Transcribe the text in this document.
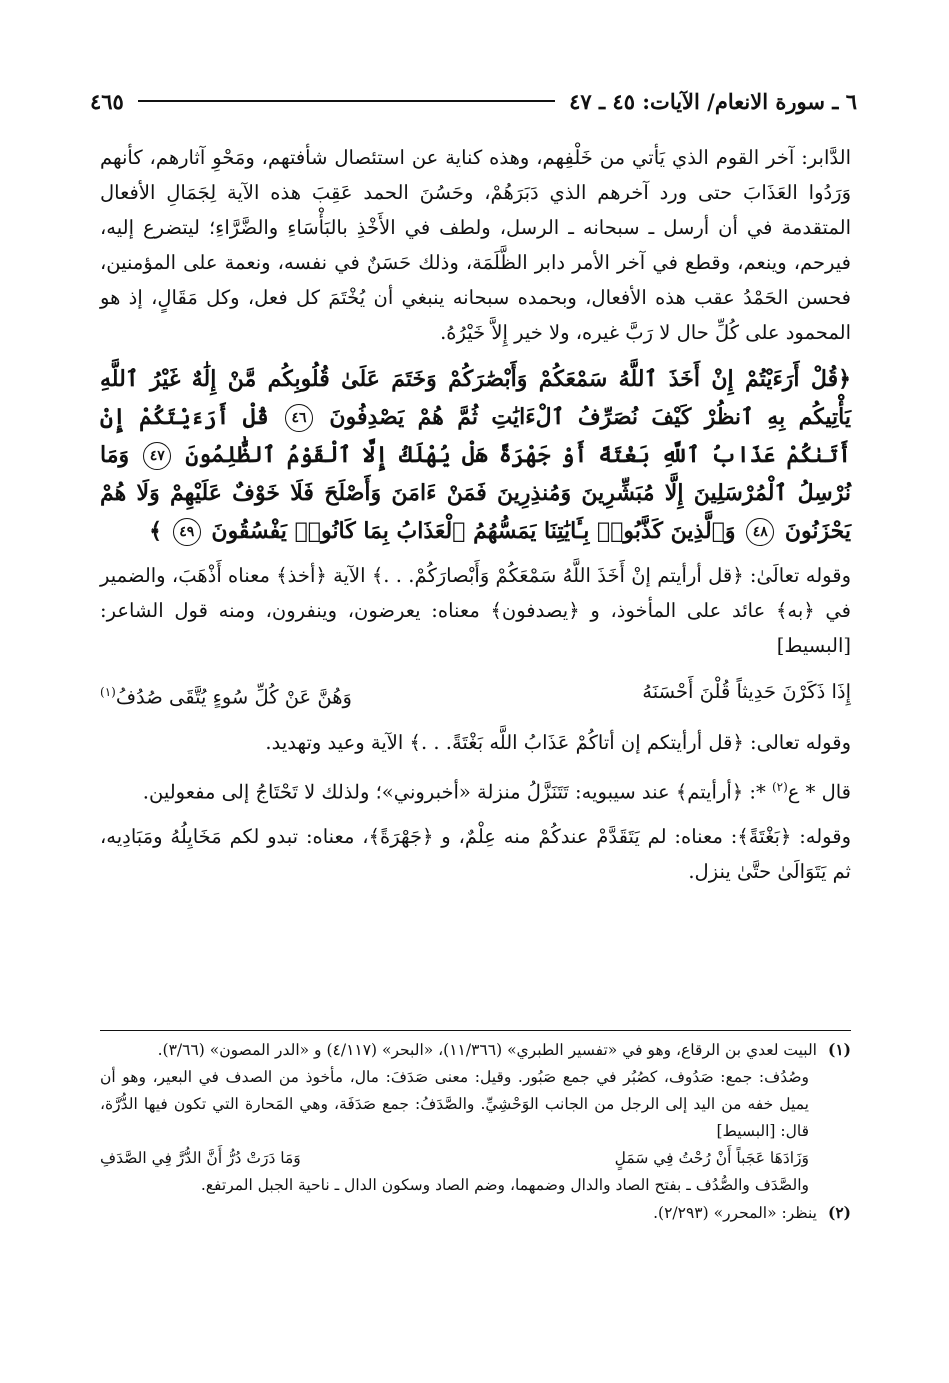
٦ ـ سورة الانعام/ الآيات: ٤٥ ـ ٤٧
٤٦٥

الدَّابر: آخر القوم الذي يَأتي من خَلْفِهم، وهذه كناية عن استئصال شأفتهم، ومَحْوِ آثارهم، كأنهم وَرَدُوا العَذَابَ حتى ورد آخرهم الذي دَبَرَهُمْ، وحَسُنَ الحمد عَقِبَ هذه الآية لِجَمَالِ الأفعال المتقدمة في أن أرسل ـ سبحانه ـ الرسل، ولطف في الأَخْذِ بالبَأْسَاءِ والضَّرَّاءِ؛ ليتضرع إليه، فيرحم، وينعم، وقطع في آخر الأمر دابر الظَّلَمَة، وذلك حَسَنٌ في نفسه، ونعمة على المؤمنين، فحسن الحَمْدُ عقب هذه الأفعال، وبحمده سبحانه ينبغي أن يُخْتَمَ كل فعل، وكل مَقَالٍ، إذ هو المحمود على كُلِّ حال لا رَبَّ غيره، ولا خير إِلاَّ خَيْرُهُ.

﴿قُلْ أَرَءَيْتُمْ إِنْ أَخَذَ ٱللَّهُ سَمْعَكُمْ وَأَبْصَٰرَكُمْ وَخَتَمَ عَلَىٰ قُلُوبِكُم مَّنْ إِلَٰهٌ غَيْرُ ٱللَّهِ يَأْتِيكُم بِهِ ٱنظُرْ كَيْفَ نُصَرِّفُ ٱلْءَايَٰتِ ثُمَّ هُمْ يَصْدِفُونَ ٤٦ قُلْ أَرَءَيْتَكُمْ إِنْ أَتَىٰكُمْ عَذَابُ ٱللَّهِ بَغْتَةً أَوْ جَهْرَةً هَلْ يُهْلَكُ إِلَّا ٱلْقَوْمُ ٱلظَّٰلِمُونَ ٤٧ وَمَا نُرْسِلُ ٱلْمُرْسَلِينَ إِلَّا مُبَشِّرِينَ وَمُنذِرِينَ فَمَنْ ءَامَنَ وَأَصْلَحَ فَلَا خَوْفٌ عَلَيْهِمْ وَلَا هُمْ يَحْزَنُونَ ٤٨ وَٱلَّذِينَ كَذَّبُوا۟ بِـَٔايَٰتِنَا يَمَسُّهُمُ ٱلْعَذَابُ بِمَا كَانُوا۟ يَفْسُقُونَ ٤٩ ﴾

وقوله تعالَىٰ: ﴿قل أرأيتم إنْ أَخَذَ اللَّهُ سَمْعَكُمْ وَأَبْصارَكُمْ. . .﴾ الآية ﴿أخذ﴾ معناه أَذْهَبَ، والضمير في ﴿به﴾ عائد على المأخوذ، و ﴿يصدفون﴾ معناه: يعرضون، وينفرون، ومنه قول الشاعر: [البسيط]

إِذَا ذَكَرْنَ حَدِيثاً قُلْنَ أَحْسَنَهُ
وَهُنَّ عَنْ كُلِّ سُوءٍ يُتَّقَى صُدُفُ$^{(١)}$

وقوله تعالى: ﴿قل أرأيتكم إن أتاكُمْ عَذَابُ اللَّه بَغْتَةً. . .﴾ الآية وعيد وتهديد.

قال * ع$^{(٢)}$ *: ﴿أرأيتم﴾ عند سيبويه: تَتَنَزَّلُ منزلة «أخبروني»؛ ولذلك لا تَحْتَاجُ إلى مفعولين.

وقوله: ﴿بَغْتَةً﴾: معناه: لم يَتَقَدَّمْ عندكُمْ منه عِلْمٌ، و ﴿جَهْرَةً﴾، معناه: تبدو لكم مَخَايِلُهُ ومَبَادِيه، ثم يَتَوَالَىٰ حتَّىٰ ينزل.

(١)البيت لعدي بن الرقاع، وهو في «تفسير الطبري» (١١/٣٦٦)، «البحر» (٤/١١٧) و «الدر المصون» (٣/٦٦).

وصُدُف: جمع: صَدُوف، كصُبُر في جمع صَبُور. وقيل: معنى صَدَفَ: مال، مأخوذ من الصدف في البعير، وهو أن يميل خفه من اليد إلى الرجل من الجانب الوَحْشِيِّ. والصَّدَفُ: جمع صَدَفَة، وهي المَحارة التي تكون فيها الدُّرَّة، قال: [البسيط]

وَزَادَهَا عَجَباً أَنْ رُحْتُ فِي سَمَلٍ
وَمَا دَرَتْ دُرُّ أَنَّ الدُّرَّ فِي الصَّدَفِ

والصَّدَف والصُّدُف ـ بفتح الصاد والدال وضمهما، وضم الصاد وسكون الدال ـ ناحية الجبل المرتفع.

(٢)ينظر: «المحرر» (٢/٢٩٣).
